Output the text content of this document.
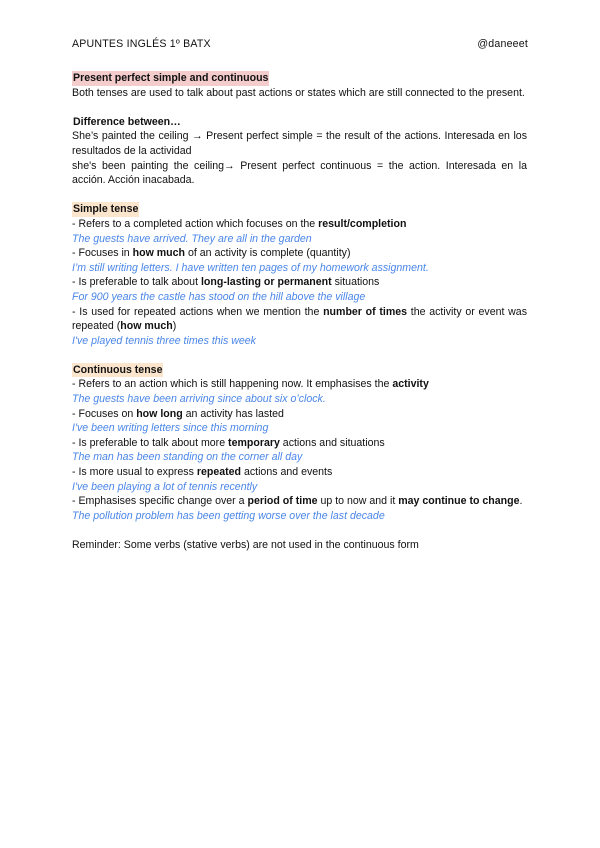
APUNTES INGLÉS 1º BATX	@daneeet

Present perfect simple and continuous

Both tenses are used to talk about past actions or states which are still connected to the present.

Difference between…

She’s painted the ceiling → Present perfect simple = the result of the actions. Interesada en los resultados de la actividad

she's been painting the ceiling→ Present perfect continuous = the action. Interesada en la acción. Acción inacabada.

Simple tense

- Refers to a completed action which focuses on the result/completion

The guests have arrived. They are all in the garden

- Focuses in how much of an activity is complete (quantity)

I’m still writing letters. I have written ten pages of my homework assignment.

- Is preferable to talk about long-lasting or permanent situations

For 900 years the castle has stood on the hill above the village

- Is used for repeated actions when we mention the number of times the activity or event was repeated (how much)

I've played tennis three times this week

Continuous tense

- Refers to an action which is still happening now. It emphasises the activity

The guests have been arriving since about six o’clock.

- Focuses on how long an activity has lasted

I've been writing letters since this morning

- Is preferable to talk about more temporary actions and situations

The man has been standing on the corner all day

- Is more usual to express repeated actions and events

I've been playing a lot of tennis recently

- Emphasises specific change over a period of time up to now and it may continue to change.

The pollution problem has been getting worse over the last decade

Reminder: Some verbs (stative verbs) are not used in the continuous form
